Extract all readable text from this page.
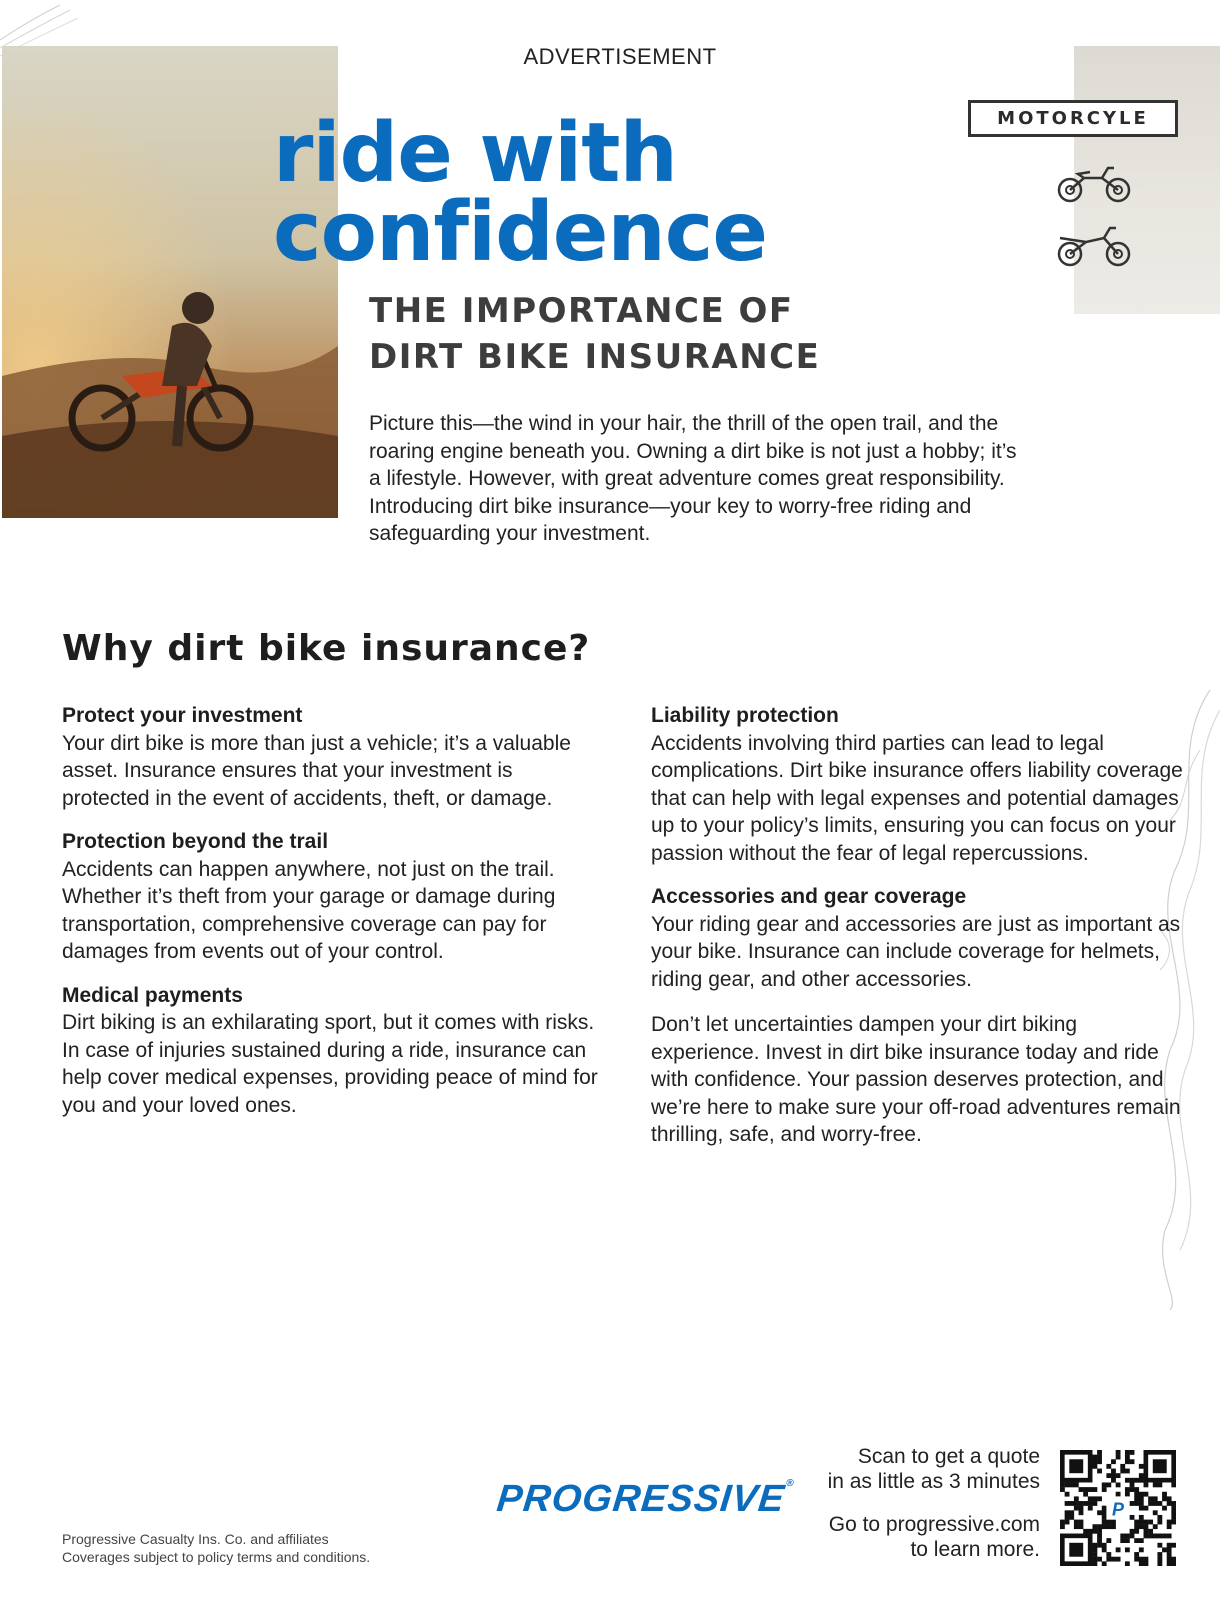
ADVERTISEMENT
MOTORCYLE
ride with
confidence
THE IMPORTANCE OF
DIRT BIKE INSURANCE

Picture this—the wind in your hair, the thrill of the open trail, and the roaring engine beneath you. Owning a dirt bike is not just a hobby; it’s a lifestyle. However, with great adventure comes great responsibility. Introducing dirt bike insurance—your key to worry-free riding and safeguarding your investment.

Why dirt bike insurance?
Protect your investment

Your dirt bike is more than just a vehicle; it’s a valuable asset. Insurance ensures that your investment is protected in the event of accidents, theft, or damage.

Protection beyond the trail

Accidents can happen anywhere, not just on the trail. Whether it’s theft from your garage or damage during transportation, comprehensive coverage can pay for damages from events out of your control.

Medical payments

Dirt biking is an exhilarating sport, but it comes with risks. In case of injuries sustained during a ride, insurance can help cover medical expenses, providing peace of mind for you and your loved ones.

Liability protection

Accidents involving third parties can lead to legal complications. Dirt bike insurance offers liability coverage that can help with legal expenses and potential damages up to your policy’s limits, ensuring you can focus on your passion without the fear of legal repercussions.

Accessories and gear coverage

Your riding gear and accessories are just as important as your bike. Insurance can include coverage for helmets, riding gear, and other accessories.

Don’t let uncertainties dampen your dirt biking experience. Invest in dirt bike insurance today and ride with confidence. Your passion deserves protection, and we’re here to make sure your off-road adventures remain thrilling, safe, and worry-free.

PROGRESSIVE®

Progressive Casualty Ins. Co. and affiliates
Coverages subject to policy terms and conditions.

Scan to get a quote
in as little as 3 minutes

Go to progressive.com
to learn more.

P
